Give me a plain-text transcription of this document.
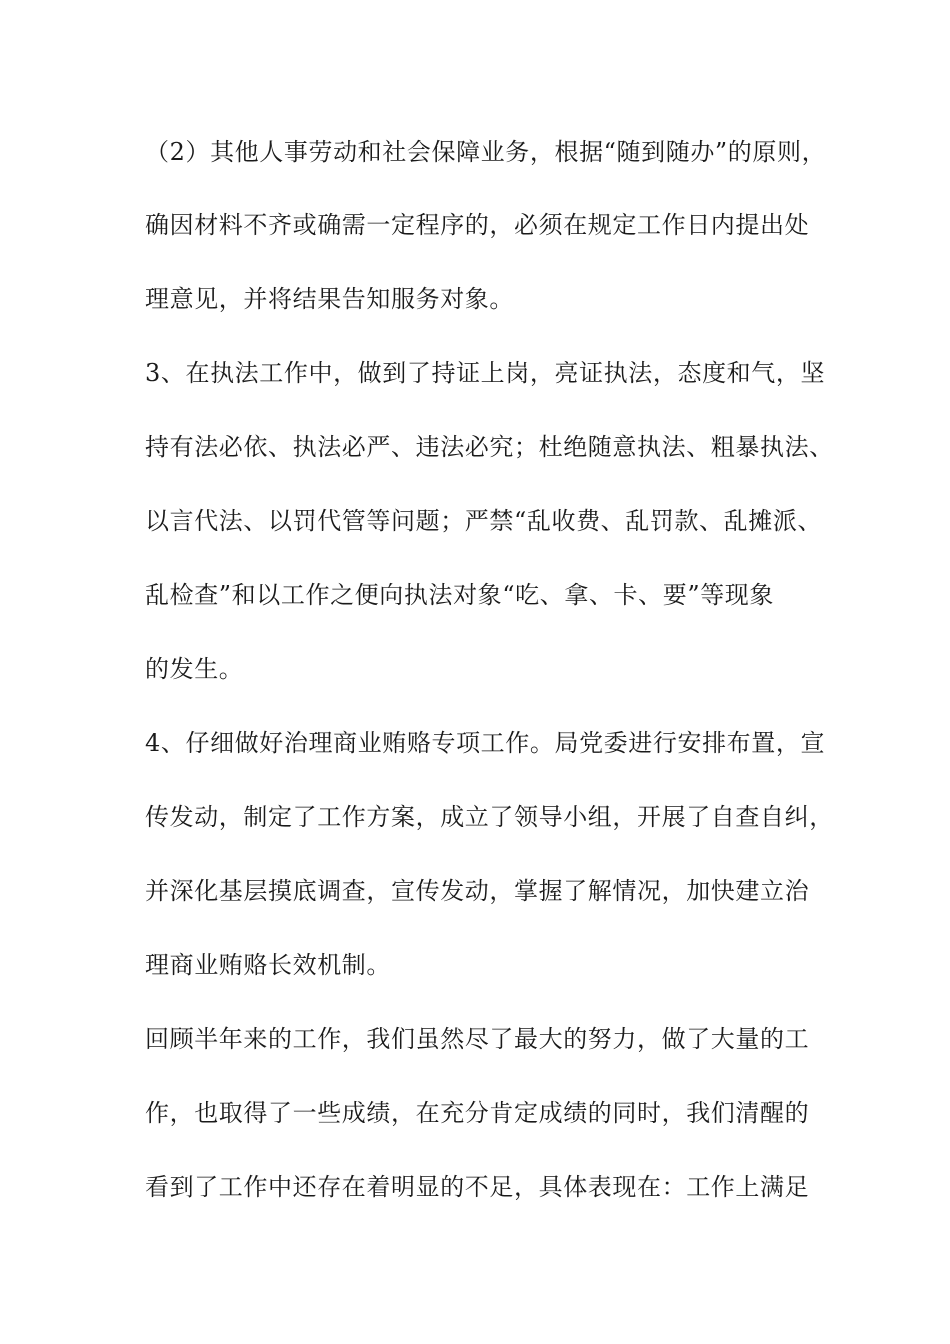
（2）其他人事劳动和社会保障业务，根据“随到随办”的原则，
确因材料不齐或确需一定程序的，必须在规定工作日内提出处
理意见，并将结果告知服务对象。
3、在执法工作中，做到了持证上岗，亮证执法，态度和气，坚
持有法必依、执法必严、违法必究；杜绝随意执法、粗暴执法、
以言代法、以罚代管等问题；严禁“乱收费、乱罚款、乱摊派、
乱检查”和以工作之便向执法对象“吃、拿、卡、要”等现象
的发生。
4、仔细做好治理商业贿赂专项工作。局党委进行安排布置，宣
传发动，制定了工作方案，成立了领导小组，开展了自查自纠，
并深化基层摸底调查，宣传发动，掌握了解情况，加快建立治
理商业贿赂长效机制。
回顾半年来的工作，我们虽然尽了最大的努力，做了大量的工
作，也取得了一些成绩，在充分肯定成绩的同时，我们清醒的
看到了工作中还存在着明显的不足，具体表现在：工作上满足
